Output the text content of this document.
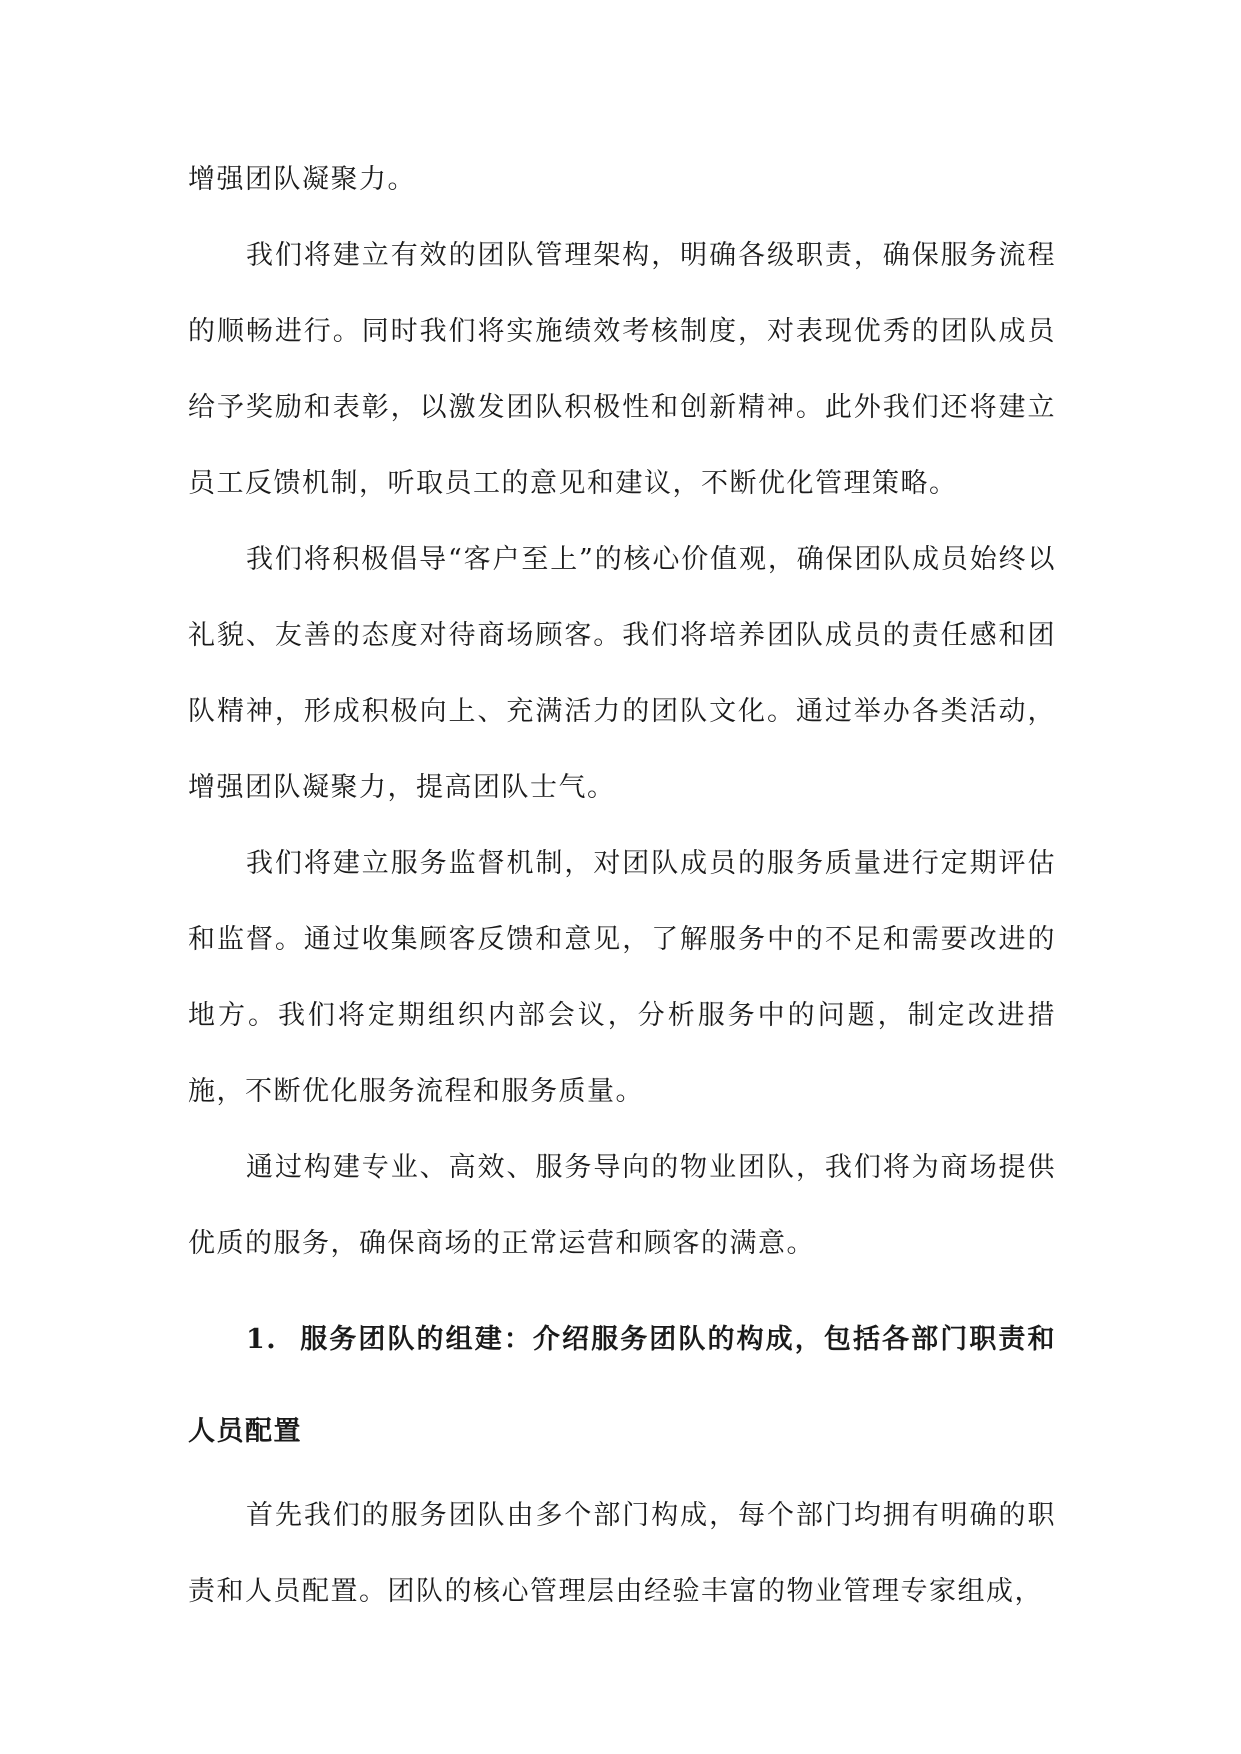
增强团队凝聚力。

我们将建立有效的团队管理架构，明确各级职责，确保服务流程的顺畅进行。同时我们将实施绩效考核制度，对表现优秀的团队成员给予奖励和表彰，以激发团队积极性和创新精神。此外我们还将建立员工反馈机制，听取员工的意见和建议，不断优化管理策略。

我们将积极倡导“客户至上”的核心价值观，确保团队成员始终以礼貌、友善的态度对待商场顾客。我们将培养团队成员的责任感和团队精神，形成积极向上、充满活力的团队文化。通过举办各类活动，增强团队凝聚力，提高团队士气。

我们将建立服务监督机制，对团队成员的服务质量进行定期评估和监督。通过收集顾客反馈和意见，了解服务中的不足和需要改进的地方。我们将定期组织内部会议，分析服务中的问题，制定改进措施，不断优化服务流程和服务质量。

通过构建专业、高效、服务导向的物业团队，我们将为商场提供优质的服务，确保商场的正常运营和顾客的满意。

1. 服务团队的组建：介绍服务团队的构成，包括各部门职责和人员配置

首先我们的服务团队由多个部门构成，每个部门均拥有明确的职责和人员配置。团队的核心管理层由经验丰富的物业管理专家组成，
